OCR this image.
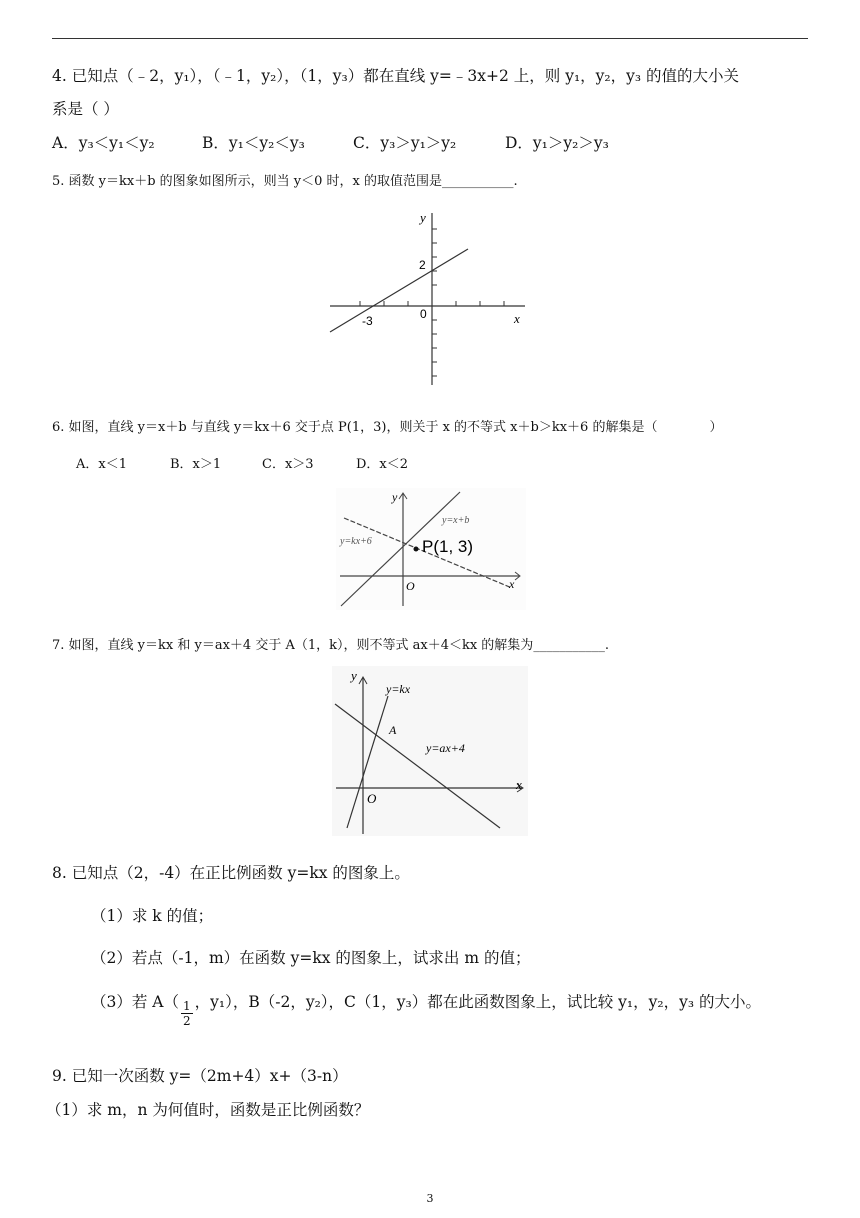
4. 已知点（﹣2，y₁），（﹣1，y₂），（1，y₃）都在直线 y=﹣3x+2 上，则 y₁，y₂，y₃ 的值的大小关
系是（ ）
A．y₃＜y₁＜y₂	B．y₁＜y₂＜y₃	C．y₃＞y₁＞y₂	D．y₁＞y₂＞y₃
5. 函数 y＝kx＋b 的图象如图所示，则当 y＜0 时，x 的取值范围是___________.
y
x
0
2
-3
6. 如图，直线 y＝x＋b 与直线 y＝kx＋6 交于点 P(1，3)，则关于 x 的不等式 x＋b＞kx＋6 的解集是（	）
A．x＜1	B．x＞1	C．x＞3	D．x＜2
y
x
O
y=x+b
y=kx+6	P(1, 3)
7. 如图，直线 y＝kx 和 y＝ax＋4 交于 A（1，k），则不等式 ax＋4＜kx 的解集为___________.
y
x
O
y=kx
y=ax+4
A
8. 已知点（2，-4）在正比例函数 y=kx 的图象上。
（1）求 k 的值；
（2）若点（-1，m）在函数 y=kx 的图象上，试求出 m 的值；
（3）若 $A( \frac{1}{2}$ ，y₁），B（-2，y₂），C（1，y₃）都在此函数图象上，试比较 y₁，y₂，y₃ 的大小。
9. 已知一次函数 y=（2m+4）x+（3-n）
（1）求 m，n 为何值时，函数是正比例函数？
3
